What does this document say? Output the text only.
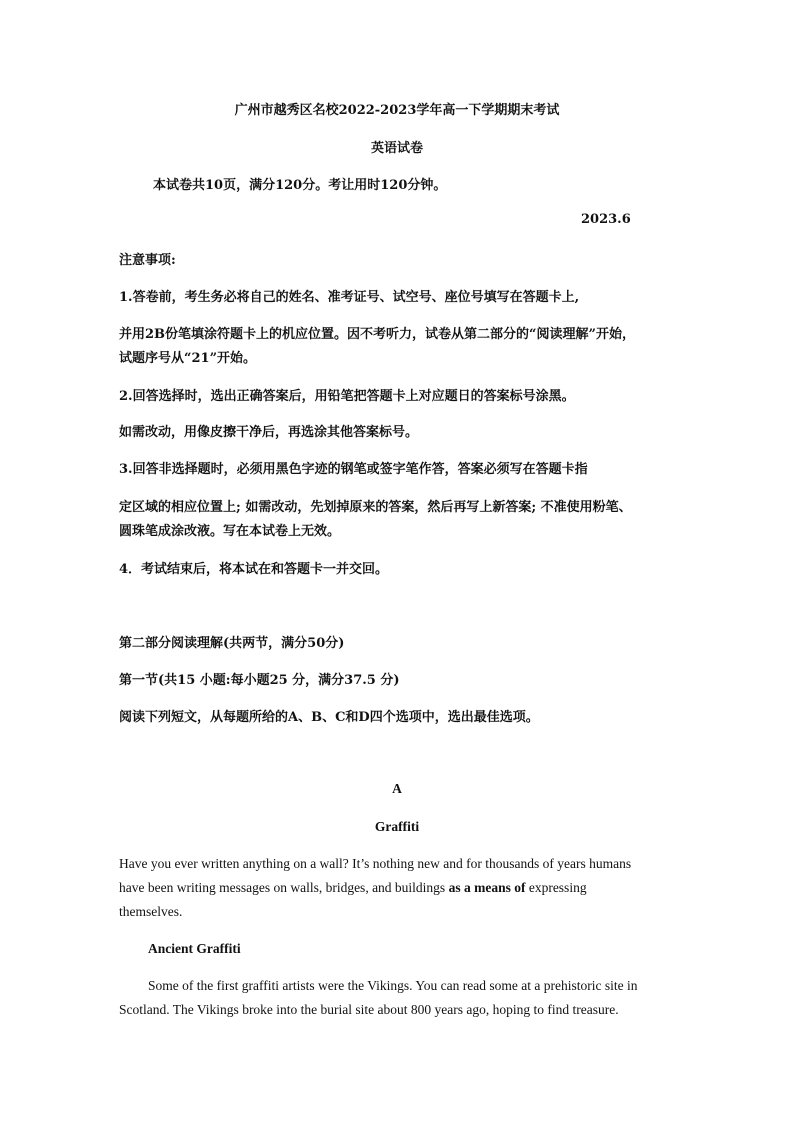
广州市越秀区名校2022-2023学年高一下学期期末考试
英语试卷
本试卷共10页，满分120分。考让用时120分钟。
2023.6
注意事项:
1.答卷前，考生务必将自己的姓名、准考证号、试空号、座位号填写在答题卡上,
并用2B份笔填涂符题卡上的机应位置。因不考听力，试卷从第二部分的“阅读理解”开始，
试题序号从“21”开始。
2.回答选择时，选出正确答案后，用铅笔把答题卡上对应题日的答案标号涂黑。
如需改动，用像皮擦干净后，再选涂其他答案标号。
3.回答非选择题时，必须用黑色字迹的钢笔或签字笔作答，答案必须写在答题卡指
定区域的相应位置上; 如需改动，先划掉原来的答案，然后再写上新答案; 不准使用粉笔、
圆珠笔成涂改液。写在本试卷上无效。
4．考试结束后，将本试在和答题卡一并交回。
第二部分阅读理解(共两节，满分50分)
第一节(共15 小题:每小题25 分，满分37.5 分)
阅读下列短文，从每题所给的A、B、C和D四个选项中，选出最佳选项。
A
Graffiti
Have you ever written anything on a wall? It’s nothing new and for thousands of years humans
have been writing messages on walls, bridges, and buildings as a means of expressing
themselves.
Ancient Graffiti
Some of the first graffiti artists were the Vikings. You can read some at a prehistoric site in
Scotland. The Vikings broke into the burial site about 800 years ago, hoping to find treasure.
